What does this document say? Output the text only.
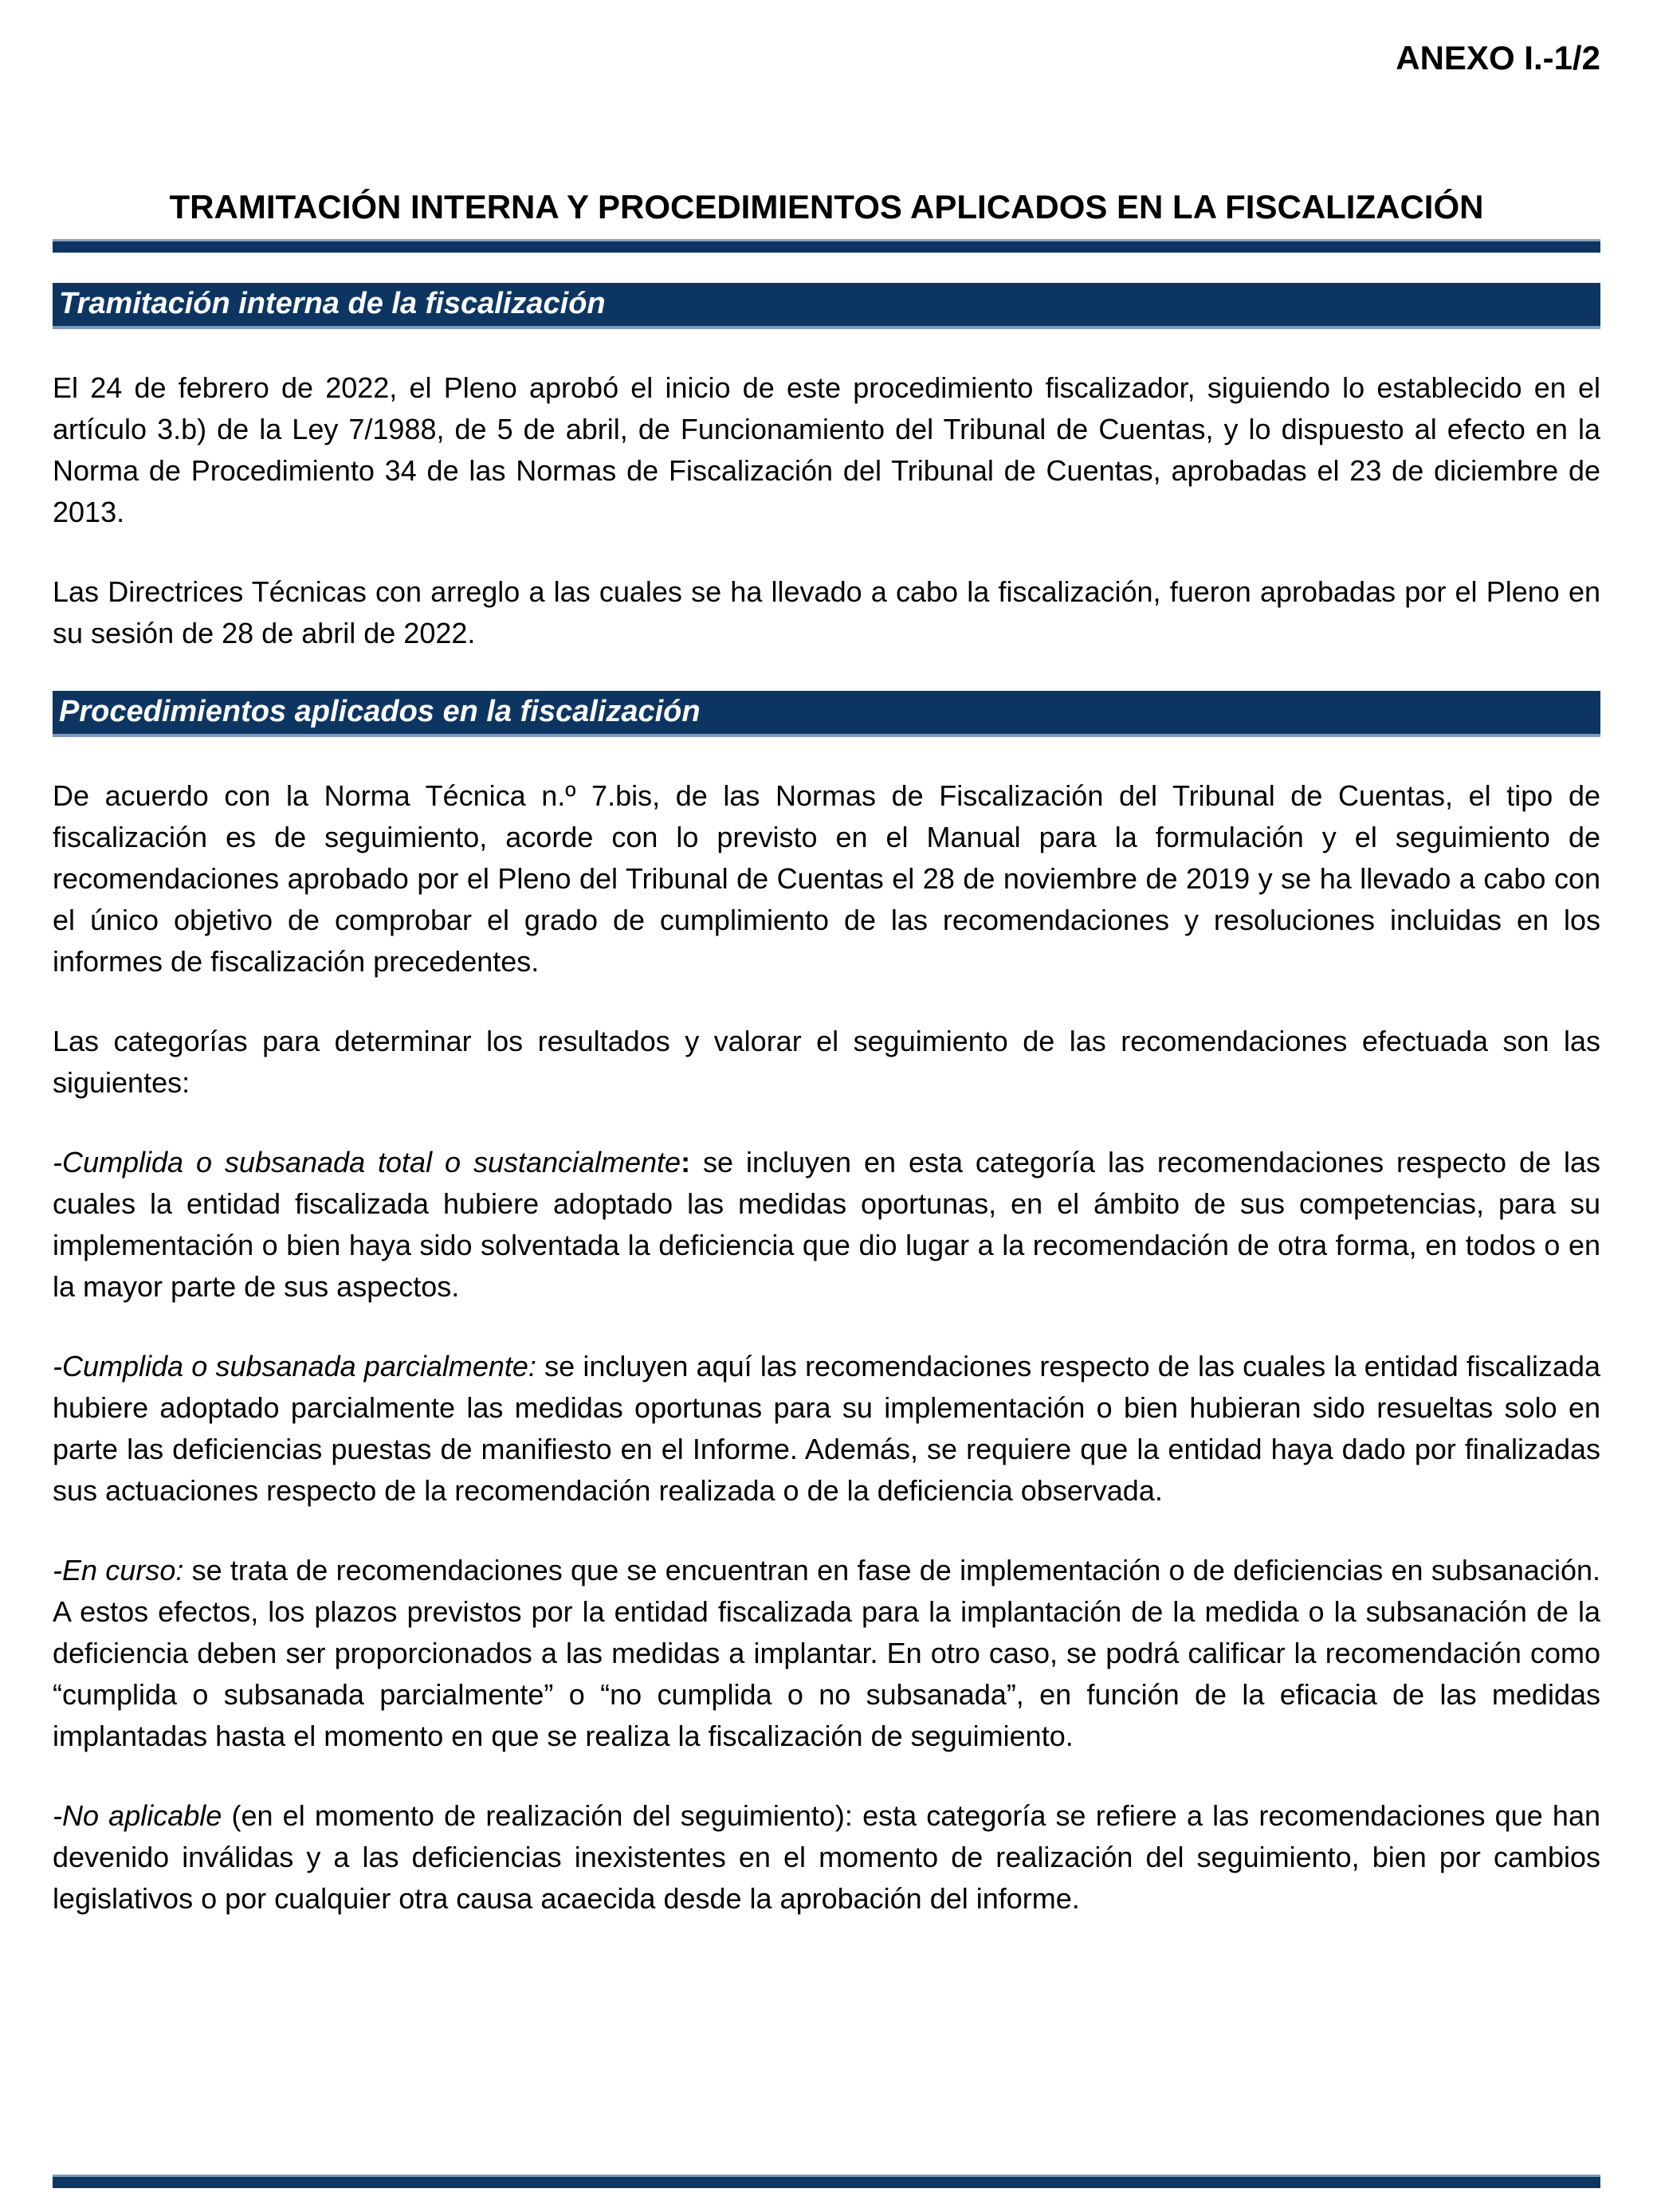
ANEXO I.-1/2
TRAMITACIÓN INTERNA Y PROCEDIMIENTOS APLICADOS EN LA FISCALIZACIÓN
Tramitación interna de la fiscalización

El 24 de febrero de 2022, el Pleno aprobó el inicio de este procedimiento fiscalizador, siguiendo lo establecido en el artículo 3.b) de la Ley 7/1988, de 5 de abril, de Funcionamiento del Tribunal de Cuentas, y lo dispuesto al efecto en la Norma de Procedimiento 34 de las Normas de Fiscalización del Tribunal de Cuentas, aprobadas el 23 de diciembre de 2013.

Las Directrices Técnicas con arreglo a las cuales se ha llevado a cabo la fiscalización, fueron aprobadas por el Pleno en su sesión de 28 de abril de 2022.

Procedimientos aplicados en la fiscalización

De acuerdo con la Norma Técnica n.º 7.bis, de las Normas de Fiscalización del Tribunal de Cuentas, el tipo de fiscalización es de seguimiento, acorde con lo previsto en el Manual para la formulación y el seguimiento de recomendaciones aprobado por el Pleno del Tribunal de Cuentas el 28 de noviembre de 2019 y se ha llevado a cabo con el único objetivo de comprobar el grado de cumplimiento de las recomendaciones y resoluciones incluidas en los informes de fiscalización precedentes.

Las categorías para determinar los resultados y valorar el seguimiento de las recomendaciones efectuada son las siguientes:

-Cumplida o subsanada total o sustancialmente: se incluyen en esta categoría las recomendaciones respecto de las cuales la entidad fiscalizada hubiere adoptado las medidas oportunas, en el ámbito de sus competencias, para su implementación o bien haya sido solventada la deficiencia que dio lugar a la recomendación de otra forma, en todos o en la mayor parte de sus aspectos.

-Cumplida o subsanada parcialmente: se incluyen aquí las recomendaciones respecto de las cuales la entidad fiscalizada hubiere adoptado parcialmente las medidas oportunas para su implementación o bien hubieran sido resueltas solo en parte las deficiencias puestas de manifiesto en el Informe. Además, se requiere que la entidad haya dado por finalizadas sus actuaciones respecto de la recomendación realizada o de la deficiencia observada.

-En curso: se trata de recomendaciones que se encuentran en fase de implementación o de deficiencias en subsanación. A estos efectos, los plazos previstos por la entidad fiscalizada para la implantación de la medida o la subsanación de la deficiencia deben ser proporcionados a las medidas a implantar. En otro caso, se podrá calificar la recomendación como “cumplida o subsanada parcialmente” o “no cumplida o no subsanada”, en función de la eficacia de las medidas implantadas hasta el momento en que se realiza la fiscalización de seguimiento.

-No aplicable (en el momento de realización del seguimiento): esta categoría se refiere a las recomendaciones que han devenido inválidas y a las deficiencias inexistentes en el momento de realización del seguimiento, bien por cambios legislativos o por cualquier otra causa acaecida desde la aprobación del informe.
